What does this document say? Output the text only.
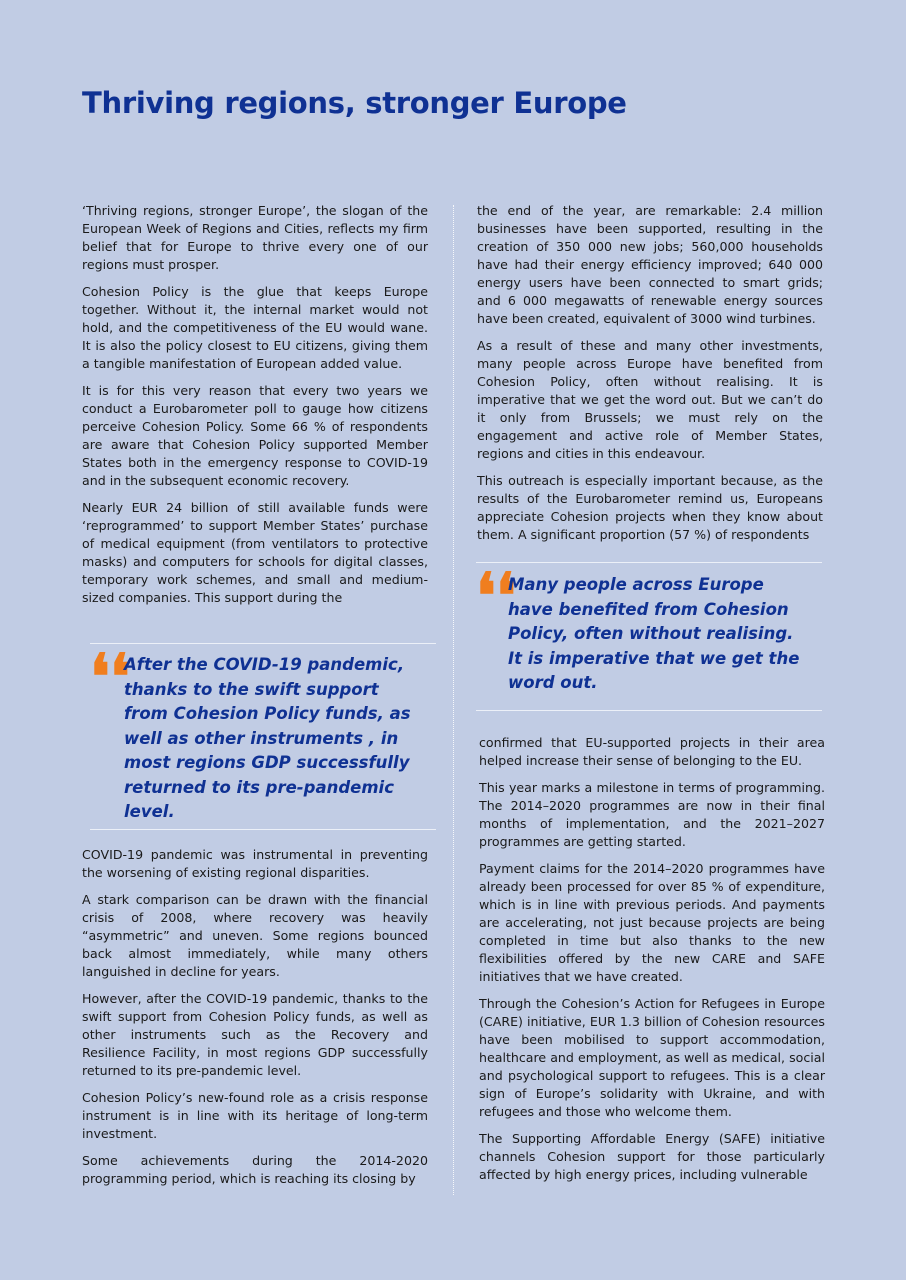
Thriving regions, stronger Europe

‘Thriving regions, stronger Europe’, the slogan of the European Week of Regions and Cities, reflects my firm belief that for Europe to thrive every one of our regions must prosper.

Cohesion Policy is the glue that keeps Europe together. Without it, the internal market would not hold, and the competitiveness of the EU would wane. It is also the policy closest to EU citizens, giving them a tangible manifestation of European added value.

It is for this very reason that every two years we conduct a Eurobarometer poll to gauge how citizens perceive Cohesion Policy. Some 66 % of respondents are aware that Cohesion Policy supported Member States both in the emergency response to COVID-19 and in the subsequent economic recovery.

Nearly EUR 24 billion of still available funds were ‘reprogrammed’ to support Member States’ purchase of medical equipment (from ventilators to protective masks) and computers for schools for digital classes, temporary work schemes, and small and medium-sized companies. This support during the

❛❛
After the COVID-19 pandemic, thanks to the swift support from Cohesion Policy funds, as well as other instruments , in most regions GDP successfully returned to its pre-pandemic level.

COVID-19 pandemic was instrumental in preventing the worsening of existing regional disparities.

A stark comparison can be drawn with the financial crisis of 2008, where recovery was heavily “asymmetric” and uneven. Some regions bounced back almost immediately, while many others languished in decline for years.

However, after the COVID-19 pandemic, thanks to the swift support from Cohesion Policy funds, as well as other instruments such as the Recovery and Resilience Facility, in most regions GDP successfully returned to its pre-pandemic level.

Cohesion Policy’s new-found role as a crisis response instrument is in line with its heritage of long-term investment.

Some achievements during the 2014-2020 programming period, which is reaching its closing by

the end of the year, are remarkable: 2.4 million businesses have been supported, resulting in the creation of 350 000 new jobs; 560,000 households have had their energy efficiency improved; 640 000 energy users have been connected to smart grids; and 6 000 megawatts of renewable energy sources have been created, equivalent of 3000 wind turbines.

As a result of these and many other investments, many people across Europe have benefited from Cohesion Policy, often without realising. It is imperative that we get the word out. But we can’t do it only from Brussels; we must rely on the engagement and active role of Member States, regions and cities in this endeavour.

This outreach is especially important because, as the results of the Eurobarometer remind us, Europeans appreciate Cohesion projects when they know about them. A significant proportion (57 %) of respondents

❛❛
Many people across Europe have benefited from Cohesion Policy, often without realising. It is imperative that we get the word out.

confirmed that EU-supported projects in their area helped increase their sense of belonging to the EU.

This year marks a milestone in terms of programming. The 2014–2020 programmes are now in their final months of implementation, and the 2021–2027 programmes are getting started.

Payment claims for the 2014–2020 programmes have already been processed for over 85 % of expenditure, which is in line with previous periods. And payments are accelerating, not just because projects are being completed in time but also thanks to the new flexibilities offered by the new CARE and SAFE initiatives that we have created.

Through the Cohesion’s Action for Refugees in Europe (CARE) initiative, EUR 1.3 billion of Cohesion resources have been mobilised to support accommodation, healthcare and employment, as well as medical, social and psychological support to refugees. This is a clear sign of Europe’s solidarity with Ukraine, and with refugees and those who welcome them.

The Supporting Affordable Energy (SAFE) initiative channels Cohesion support for those particularly affected by high energy prices, including vulnerable
